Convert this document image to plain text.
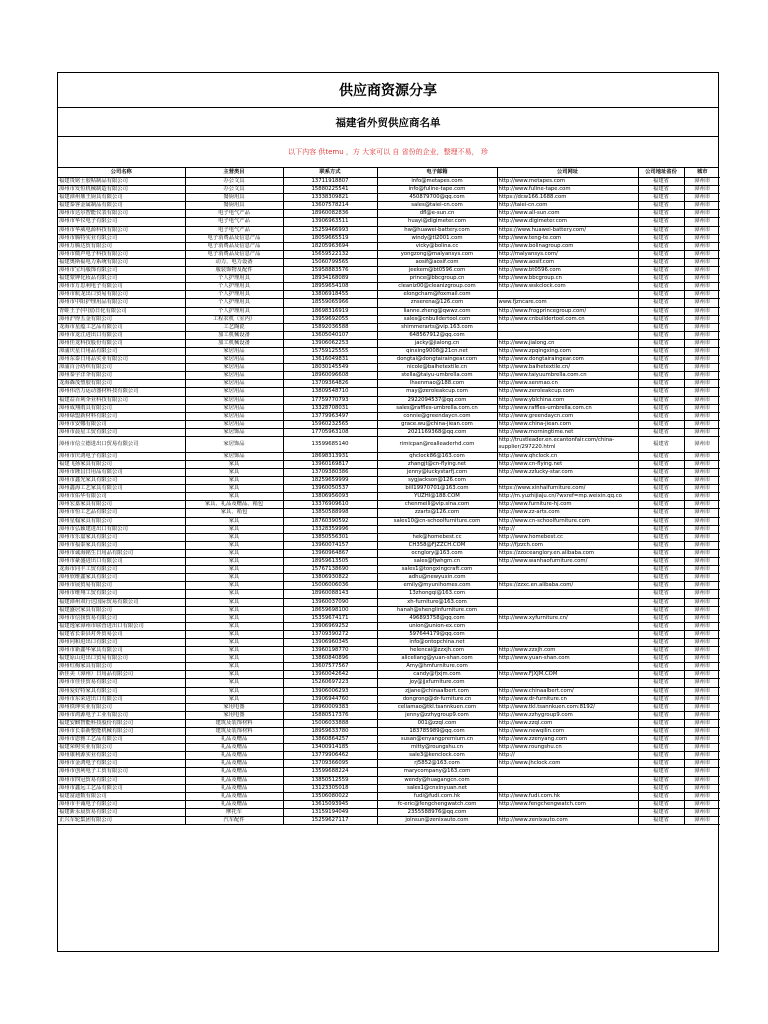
供应商资源分享
福建省外贸供应商名单
以下内容 供temu ，方 大家可以 自 省份的企业，整理不易， 珍
公司名称	主营类目	联系方式	电子邮箱	公司网址	公司地址省份	城市
福建贵铭士胶粘制品有限公司	办公文具	13711918807	info@metapes.com	http://www.metapes.com	福建省	漳州市
漳州市发恒机械制造有限公司	办公文具	15880225541	info@fuline-tape.com	http://www.fuline-tape.com	福建省	漳州市
福建漳州鼎王厨具有限公司	餐厨用具	13338309821	450879700@qq.com	https://dcw166.1688.com	福建省	漳州市
福建泰客金属制品有限公司	餐厨用具	13607578214	sales@taiei-cn.com	http://taiei-cn.com	福建省	漳州市
漳州市达尔智能仪表有限公司	电子电气产品	18960082836	dfl@e-sun.cn	http://www.all-sun.com	福建省	漳州市
漳州市华仪电子有限公司	电子电气产品	13906963511	huayi@digimeter.com	http://www.digimeter.com	福建省	漳州市
漳州市华威电源科技有限公司	电子电气产品	15259466993	hw@huawei-battery.com	https://www.huawei-battery.com/	福建省	漳州市
漳州市腾特实业有限公司	电子消费品及信息产品	18059665519	windy@tl2001.com	http://www.teng-te.com	福建省	漳州市
漳州万腾达贸有限公司	电子消费品及信息产品	18205963694	vicky@bolina.cc	http://www.bolinagroup.com	福建省	漳州市
漳州市微声电子科技有限公司	电子消费品及信息产品	15659522132	yongzong@malyansys.com	http://malyansys.com/	福建省	漳州市
福建奥斯福电力系统有限公司	动力、电力设备	15060799565	aosif@aosif.com	http://www.aosif.com	福建省	漳州市
漳州市宝玛服饰有限公司	服装饰物及配件	15958883576	jeekem@bt0596.com	http://www.bt0596.com	福建省	漳州市
福建蒙钾化妆品有限公司	个人护理用具	18934168089	prince@bbcgroup.cn	http://www.bbcgroup.cn	福建省	漳州市
漳州市万思利电子有限公司	个人护理用具	18959654108	cleaniz00@cleanizgroup.com	http://www.wskclock.com	福建省	漳州市
漳州市航龙出口贸易有限公司	个人护理用具	13806918455	elongcham@foxmail.com		福建省	漳州市
漳州市中阳护理用品有限公司	个人护理用具	18559065966	znserena@126.com	www.fjzncare.com	福建省	漳州市
青蛙王子(中国)日化有限公司	个人护理用具	18698316919	lianne.zheng@qwwz.com	http://www.frogprincegroup.com/	福建省	漳州市
漳州沪得五金有限公司	工程农机（室内）	13959692055	sales@cnbuildertool.com	http://www.cnbuildertool.com.cn	福建省	漳州市
龙海市星蕴工艺品有限公司	工艺陶瓷	15892036588	shimmerarts@vip.163.com		福建省	漳州市
漳州市龙江进出口有限公司	加工机械设备	13605040107	648567912@qq.com		福建省	漳州市
漳州佳龙科技股份有限公司	加工机械设备	13906062253	jacky@jialong.cn	http://www.jialong.cn	福建省	漳州市
漳浦庆星日用品有限公司	家居用品	15759125555	qinxing9008@21cn.net	http://www.zpqingxing.com	福建省	漳州市
漳州东泰日用品实业有限公司	家居用品	13616049831	dongtai@dongtairaingear.com	http://www.dongtairaingear.com	福建省	漳州市
漳浦百合纺织有限公司	家居用品	18030145549	nicole@baihetextile.cn	http://www.baihetextile.cn/	福建省	漳州市
漳州泰宇洋伞有限公司	家居用品	18960096608	stella@taiyu-umbrella.com	http://www.taiyuumbrella.com.cn	福建省	漳州市
龙海森茂塑胶有限公司	家居用品	13709364826	lhsenmao@188.com	http://www.senmao.cn	福建省	漳州市
漳州伟浩力运动器材科技有限公司	家居用品	13809548710	may@zeroleakcup.com	http://www.zeroleakcup.com	福建省	漳州市
福建益百利伞业科技有限公司	家居用品	17759770793	2922094537@qq.com	http://www.yblchina.com	福建省	漳州市
漳州成翔雨具有限公司	家居用品	13328708031	sales@raffles-umbrella.com.cn	http://www.raffles-umbrella.com.cn	福建省	漳州市
漳州绿盟新材料有限公司	家居用品	13779963497	connie@greendaycn.com	http://www.greendaycn.com	福建省	漳州市
漳州市安娜有限公司	家居用品	15960232565	grace.wu@china-jiean.com	http://www.china-jiean.com	福建省	漳州市
漳州市晨星工贸有限公司	家居饰品	17705963108	2021169368@qq.com	http://www.morningtime.net	福建省	漳州市
漳州市信立德进出口贸易有限公司	家居饰品	13599685140	rimicpan@realleaderhd.com	http://trustleader.en.ecantonfair.com/china-supplier/297220.html	福建省	漳州市
漳州市庆鸿电子有限公司	家居饰品	18698313931	qhclock86@163.com	http://www.qhclock.cn	福建省	漳州市
福建飞扬家具有限公司	家具	13960169817	zhangjt@cn-flying.net	http://www.cn-flying.net	福建省	漳州市
漳州市隆昌日用品有限公司	家具	13709380386	jenny@luckystarfj.com	http://www.zzlucky-star.com	福建省	漳州市
漳州市鑫光家具有限公司	家具	18259659999	sygjackson@126.com		福建省	漳州市
漳州鑫海工艺家具有限公司	家具	13960050537	bill19970701@163.com	https://www.xinhaifurniture.com/	福建省	漳州市
漳州市佑华有限公司	家具	13806956093	YUZHI@188.COM	http://m.yuzhijiaju.cn/?wxref=mp.weixin.qq.co	福建省	漳州市
漳州宏嘉家具有限公司	家具、礼品及赠品、箱包	13376909610	chenmeili@vip.sina.com	http://www.furniture-hj.com	福建省	漳州市
漳州市恒工艺品有限公司	家具、箱包	13850588998	zzarts@126.com	http://www.zz-arts.com	福建省	漳州市
漳州星翰家具有限公司	家具	18760390592	sales10@cn-schoolfurniture.com	http://www.cn-schoolfurniture.com	福建省	漳州市
漳州市弘颖建进出口有限公司	家具	13328359996		http://	福建省	漳州市
漳州市乐嘉家具有限公司	家具	13850556301	hek@homebest.cc	http://www.homebest.cc	福建省	漳州市
漳州市福泰家具有限公司	家具	13960074157	CH358@FJZZCH.COM	http://fjzzch.com	福建省	漳州市
漳州市诚海铭生日用品有限公司	家具	13960964867	ocnglory@163.com	https://zzoceanglory.en.alibaba.com	福建省	漳州市
漳州市豪盛进出口有限公司	家具	18959613505	sales@fjwhgm.cn	http://www.wanhaofurniture.com/	福建省	漳州市
龙海市同丰工贸有限公司	家具	15767138690	sales1@tongxingcraft.com		福建省	漳州市
漳州欣维鑫家具有限公司	家具	13806930822	adhu@newyuxin.com		福建省	漳州市
漳州市展贸易有限公司	家具	15006006036	emily@myunihomes.com	https://zzxc.en.alibaba.com/	福建省	漳州市
漳州市维翔工贸有限公司	家具	18960088143	13zhongqi@163.com		福建省	漳州市
福建漳州双行达国际贸易有限公司	家具	13960037090	xh-furniture@163.com		福建省	漳州市
福建盛居家具有限公司	家具	18659698100	hanah@shenglinfurniture.com		福建省	漳州市
漳州市信扬贸易有限公司	家具	15359674171	496893758@qq.com	http://www.xyfurniture.cn/	福建省	漳州市
福建逸家漳州市联营进出口有限公司	家具	13906969252	union@union-ex.com		福建省	漳州市
福建省长泰县对外贸易公司	家具	13709390272	597644179@qq.com		福建省	漳州市
漳州同和进出口有限公司	家具	13906960345	info@ontopchina.net		福建省	漳州市
漳州市新鑫华家具有限公司	家具	13960198770	helencai@zzxjh.com	http://www.zzxjh.com	福建省	漳州市
福建原山进出口贸易有限公司	家具	13860840896	aliceliang@yuan-shan.com	http://www.yuan-shan.com	福建省	漳州市
漳州红梅家具有限公司	家具	13607577567	Amy@hmfurniture.com		福建省	漳州市
新佳美（漳州）日用品有限公司	家具	13960042642	candy@fjxjm.com	http://www.FJXJM.COM	福建省	漳州市
漳州市佳佳贸易有限公司	家具	15260697223	joy@jjxfurniture.com		福建省	漳州市
漳州爱好特家具有限公司	家具	13906006293	zjjane@chinaalbert.com	http://www.chinaalbert.com/	福建省	漳州市
漳州市东荣进出口有限公司	家具	13906944760	dongrong@dr-furniture.cn	http://www.dr-furniture.cn	福建省	漳州市
漳州铁坤实业有限公司	家用电器	18960009383	celiamao@tkl.tsannkuen.com	http://www.tkl.tsannkuen.com:8192/	福建省	漳州市
漳州市鸿源电子工业有限公司	家用电器	15880517376	jenny@zzhygroup9.com	http://www.zzhygroup9.com	福建省	漳州市
福建安麒智能科技股份有限公司	建筑及装饰材料	15006033888	001@zzql.com	http://www.zzql.com	福建省	漳州市
漳州市长泰新整能机械有限公司	建筑及装饰材料	18959633780	183785989@qq.com	http://www.newqilin.com	福建省	漳州市
漳州市恩雅工艺品有限公司	礼品及赠品	13860864257	susan@enyangpremium.cn	http://www.zzenyang.com	福建省	漳州市
福建荣树实业有限公司	礼品及赠品	13400914185	mitty@roungshu.cn	http://www.roungshu.cn	福建省	漳州市
漳州康利源实业有限公司	礼品及赠品	13779906462	sale3@kenclock.com	http://	福建省	漳州市
漳州市金鸿电子有限公司	礼品及赠品	13709366095	rj5852@163.com	http://www.jhclock.com	福建省	漳州市
漳州市创利电子工贸有限公司	礼品及赠品	13599688224	marycompany@163.com		福建省	漳州市
漳州市四冠贸易有限公司	礼品及赠品	13850512559	wendy@huagangcn.com		福建省	漳州市
漳州市鑫远工艺品有限公司	礼品及赠品	13123305018	sales1@cnxinyuan.net		福建省	漳州市
福建富迪数有限公司	礼品及赠品	13506080022	fudi@fudi.com.hk	http://www.fudi.com.hk	福建省	漳州市
漳州市丰诚电子有限公司	礼品及赠品	13615093945	fc-eric@fengchengwatch.com	http://www.fengchengwatch.com	福建省	漳州市
福建新永晨贸易有限公司	摩托车	13159194049	2355588976@qq.com		福建省	漳州市
正兴车轮集团有限公司	汽车配件	15259627117	joinsun@zenixauto.com	http://www.zenixauto.com	福建省	漳州市
